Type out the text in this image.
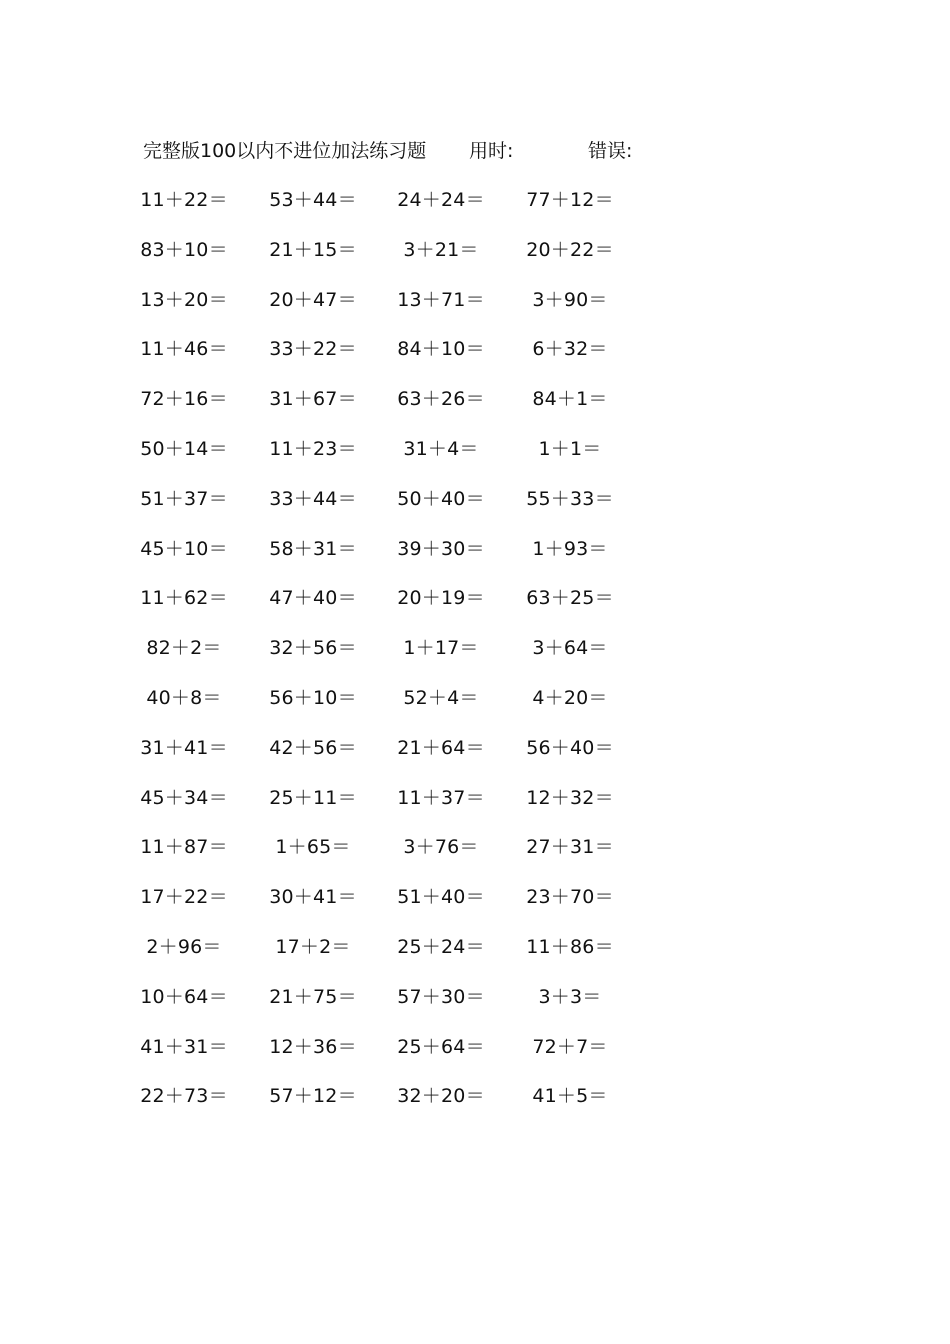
完整版100以内不进位加法练习题 用时:	错误:
11＋22＝	53＋44＝	24＋24＝	77＋12＝
83＋10＝	21＋15＝	3＋21＝	20＋22＝
13＋20＝	20＋47＝	13＋71＝	3＋90＝
11＋46＝	33＋22＝	84＋10＝	6＋32＝
72＋16＝	31＋67＝	63＋26＝	84＋1＝
50＋14＝	11＋23＝	31＋4＝	1＋1＝
51＋37＝	33＋44＝	50＋40＝	55＋33＝
45＋10＝	58＋31＝	39＋30＝	1＋93＝
11＋62＝	47＋40＝	20＋19＝	63＋25＝
82＋2＝	32＋56＝	1＋17＝	3＋64＝
40＋8＝	56＋10＝	52＋4＝	4＋20＝
31＋41＝	42＋56＝	21＋64＝	56＋40＝
45＋34＝	25＋11＝	11＋37＝	12＋32＝
11＋87＝	1＋65＝	3＋76＝	27＋31＝
17＋22＝	30＋41＝	51＋40＝	23＋70＝
2＋96＝	17＋2＝	25＋24＝	11＋86＝
10＋64＝	21＋75＝	57＋30＝	3＋3＝
41＋31＝	12＋36＝	25＋64＝	72＋7＝
22＋73＝	57＋12＝	32＋20＝	41＋5＝
